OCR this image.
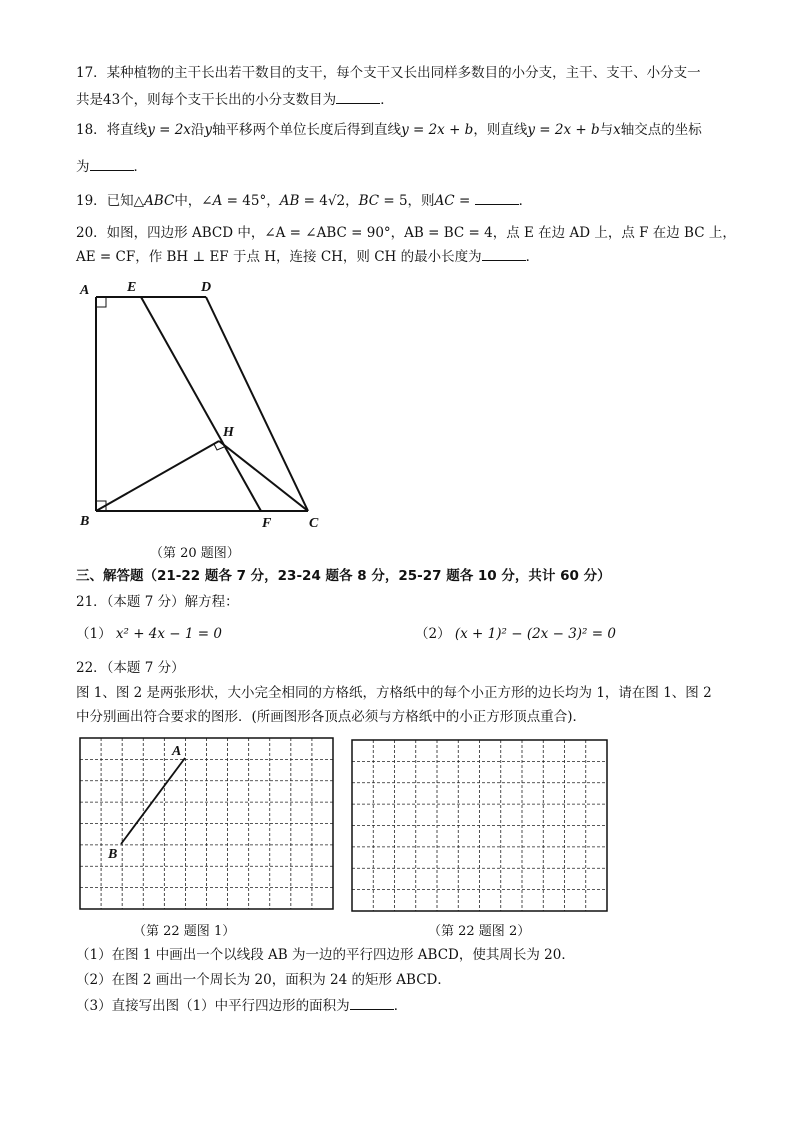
17．某种植物的主干长出若干数目的支干，每个支干又长出同样多数目的小分支，主干、支干、小分支一
共是43个，则每个支干长出的小分支数目为	．
18．将直线y = 2x沿y轴平移两个单位长度后得到直线y = 2x + b，则直线y = 2x + b与x轴交点的坐标
为	．
19．已知△ABC中，∠A = 45°，AB = 4√2，BC = 5，则AC =	．
20．如图，四边形 ABCD 中，∠A = ∠ABC = 90°，AB = BC = 4，点 E 在边 AD 上，点 F 在边 BC 上，
AE = CF，作 BH ⊥ EF 于点 H，连接 CH，则 CH 的最小长度为	．
A	E	D
H
B	F	C
（第 20 题图）
三、解答题（21-22 题各 7 分，23-24 题各 8 分，25-27 题各 10 分，共计 60 分）
21．（本题 7 分）解方程：
（1） x² + 4x − 1 = 0	（2） (x + 1)² − (2x − 3)² = 0
22．（本题 7 分）
图 1、图 2 是两张形状，大小完全相同的方格纸，方格纸中的每个小正方形的边长均为 1，请在图 1、图 2
中分别画出符合要求的图形．(所画图形各顶点必须与方格纸中的小正方形顶点重合)．
A
B
（第 22 题图 1）	（第 22 题图 2）
（1）在图 1 中画出一个以线段 AB 为一边的平行四边形 ABCD，使其周长为 20．
（2）在图 2 画出一个周长为 20，面积为 24 的矩形 ABCD．
（3）直接写出图（1）中平行四边形的面积为	．
